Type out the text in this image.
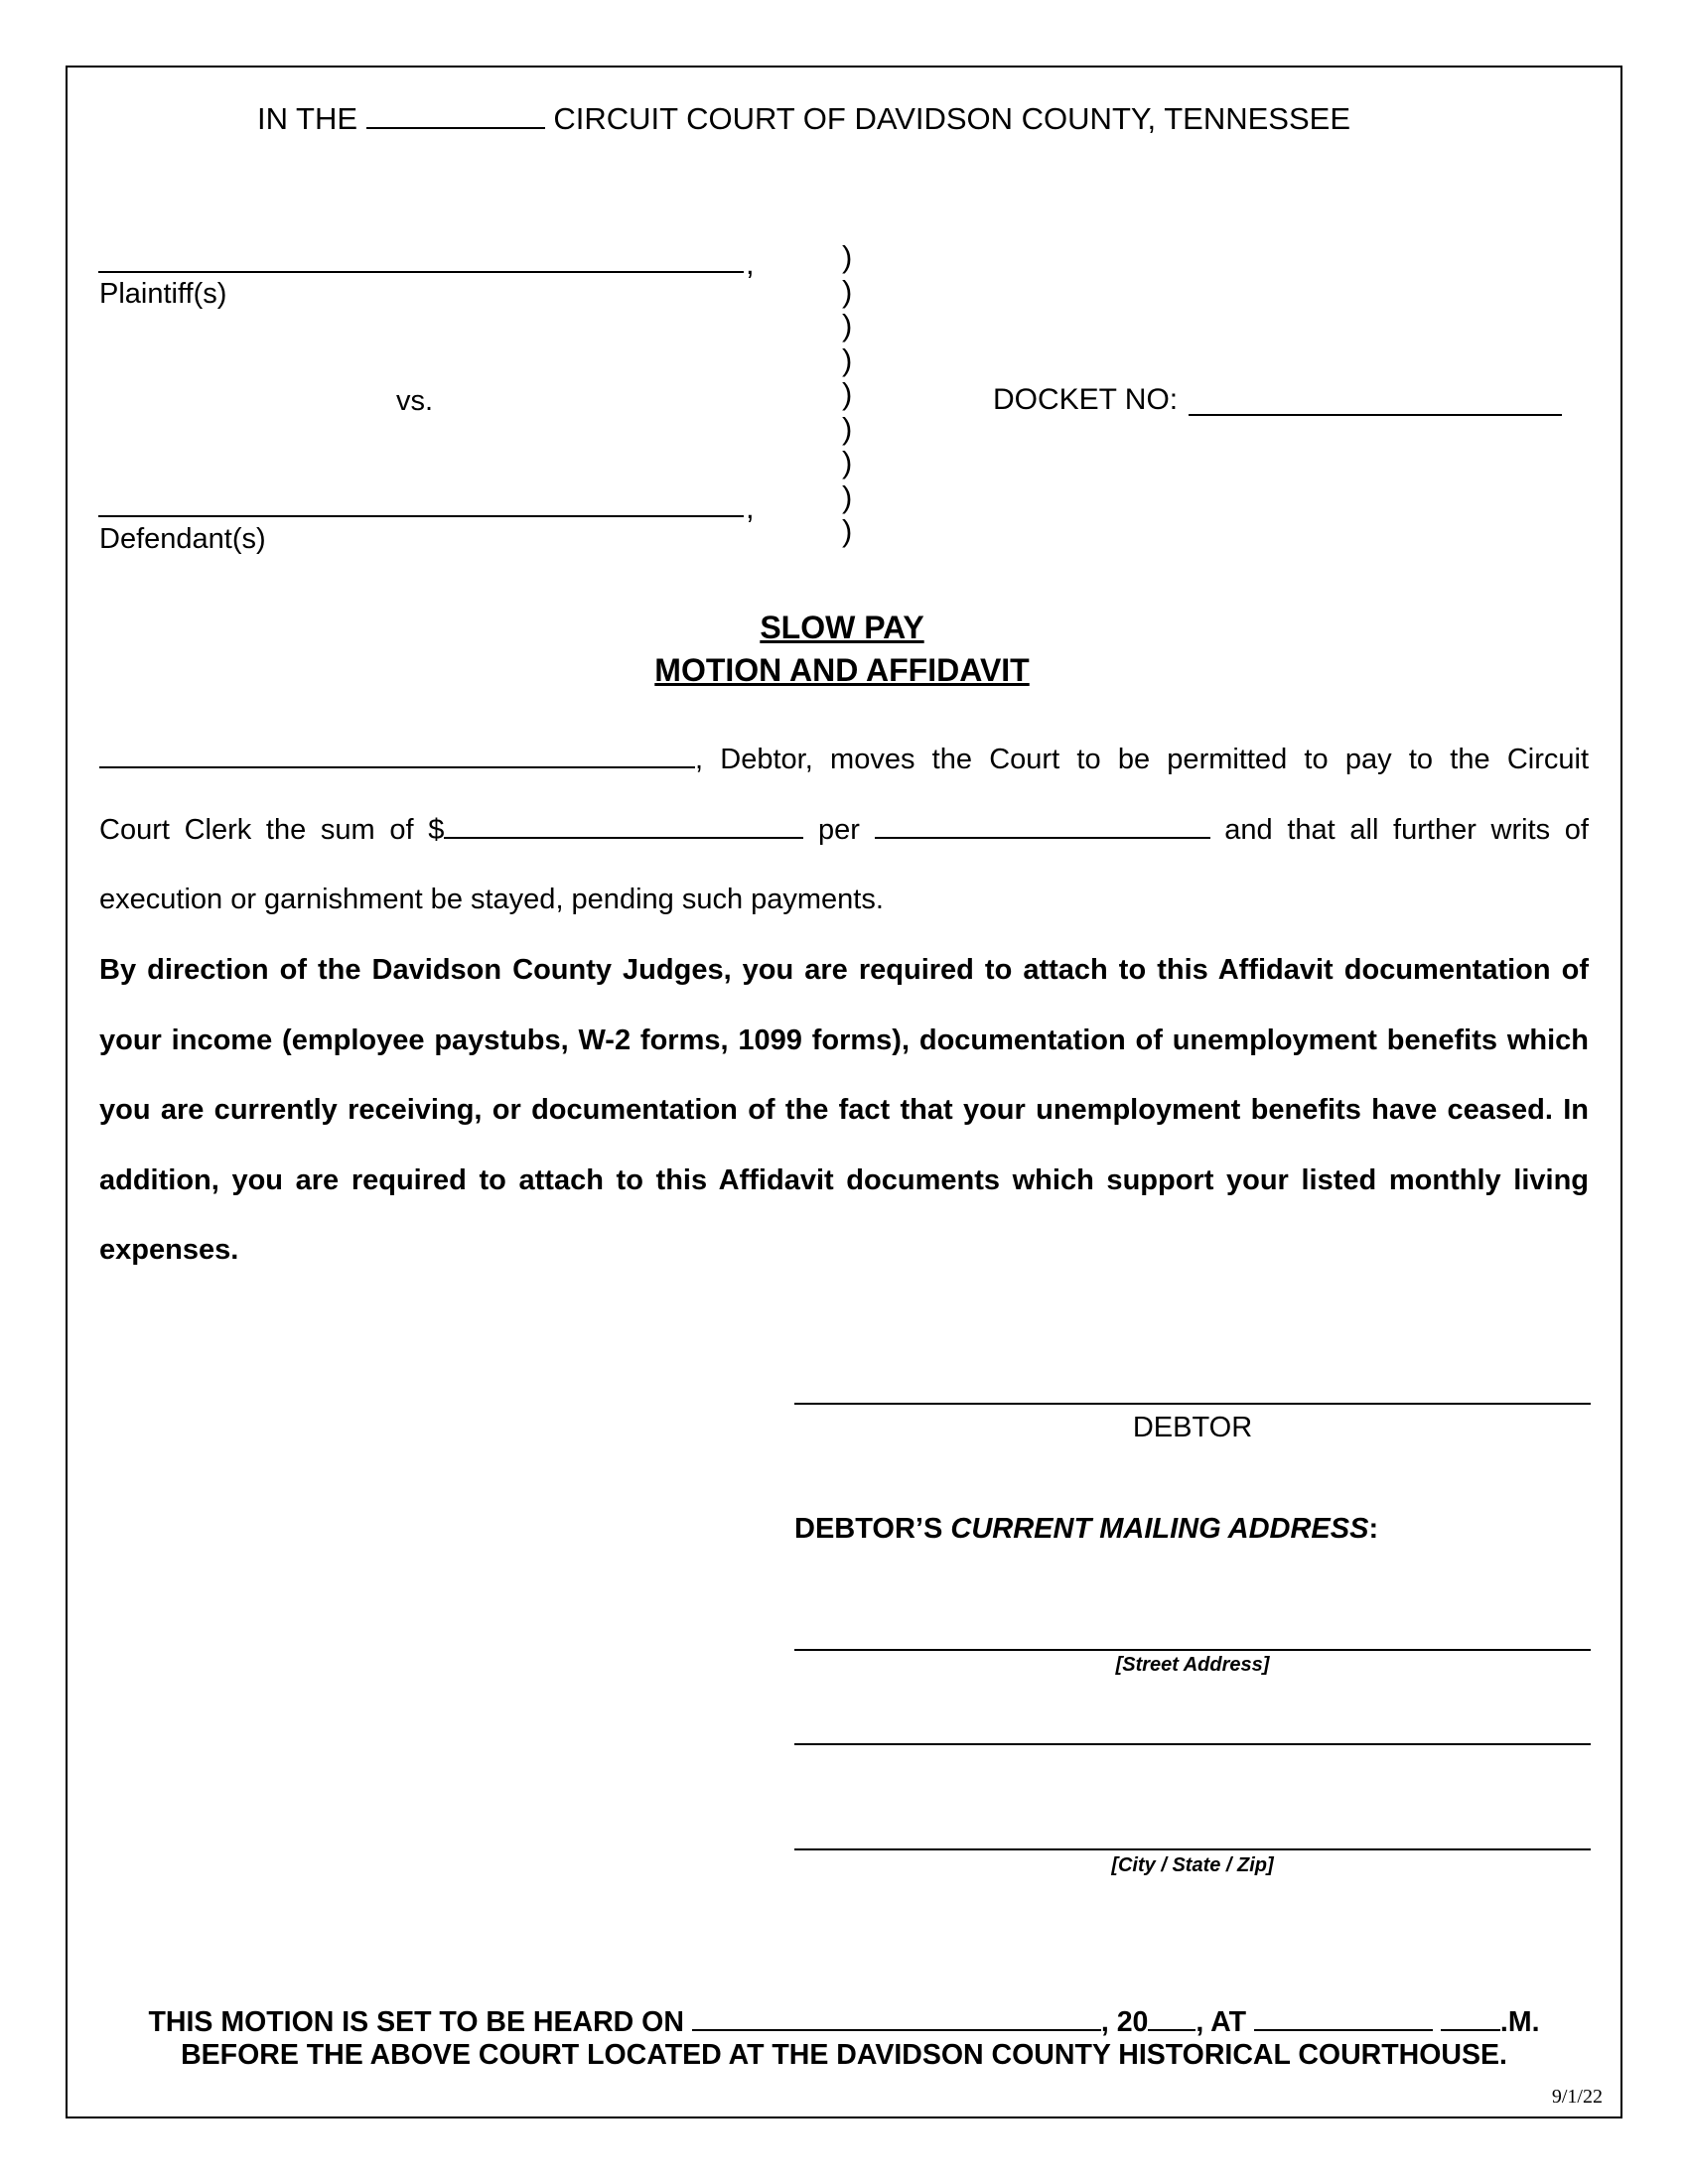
IN THE	CIRCUIT COURT OF DAVIDSON COUNTY, TENNESSEE
,
Plaintiff(s)
vs.
,
Defendant(s)
)
)
)
)
)
)
)
)
)
DOCKET NO:
SLOW PAY
MOTION AND AFFIDAVIT

, Debtor, moves the Court to be permitted to pay to the Circuit

Court Clerk the sum of $	per	and that all further writs of

execution or garnishment be stayed, pending such payments.

By direction of the Davidson County Judges, you are required to attach to this Affidavit documentation of your income (employee paystubs, W-2 forms, 1099 forms), documentation of unemployment benefits which you are currently receiving, or documentation of the fact that your unemployment benefits have ceased. In addition, you are required to attach to this Affidavit documents which support your listed monthly living expenses.
DEBTOR
DEBTOR’S CURRENT MAILING ADDRESS:
[Street Address]
[City / State / Zip]
THIS MOTION IS SET TO BE HEARD ON	, 20 , AT	.M.
BEFORE THE ABOVE COURT LOCATED AT THE DAVIDSON COUNTY HISTORICAL COURTHOUSE.
9/1/22
